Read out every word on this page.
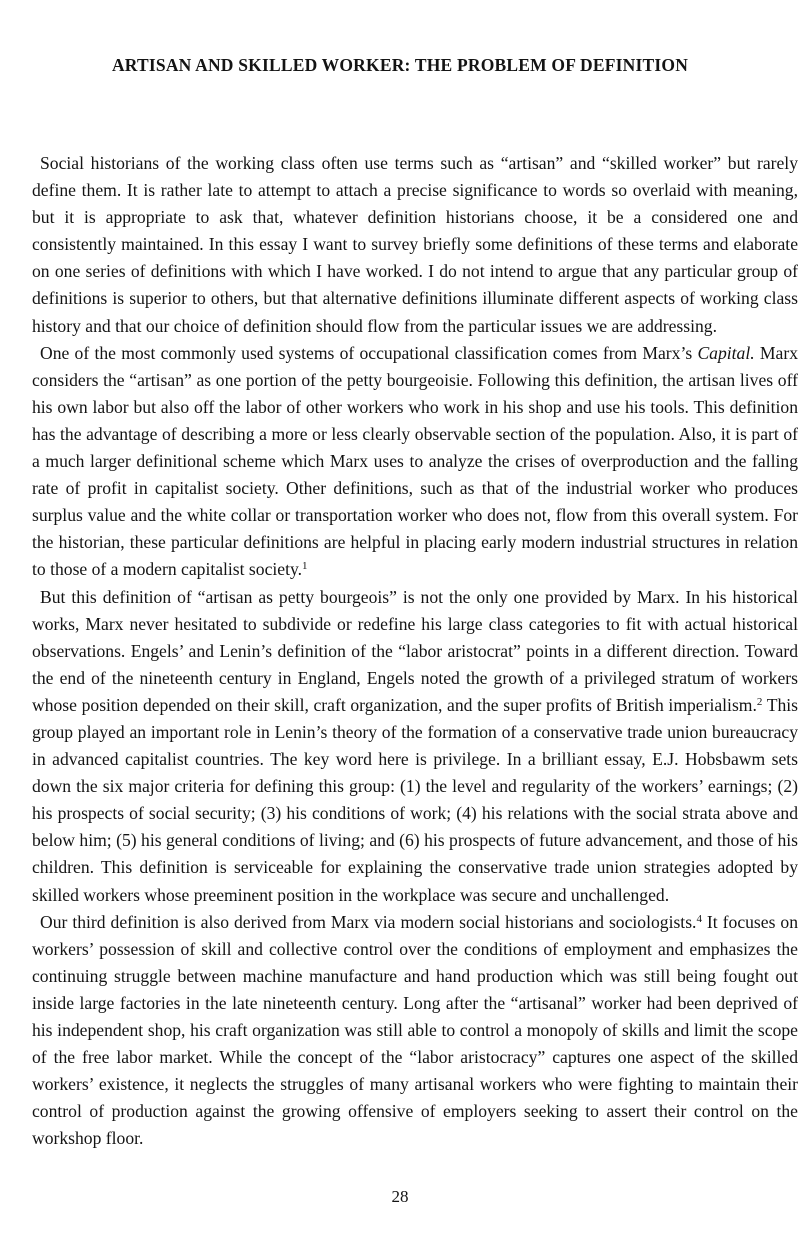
ARTISAN AND SKILLED WORKER: THE PROBLEM OF DEFINITION

Social historians of the working class often use terms such as “artisan” and “skilled worker” but rarely define them. It is rather late to attempt to attach a precise significance to words so overlaid with meaning, but it is appropriate to ask that, whatever definition historians choose, it be a considered one and consistently maintained. In this essay I want to survey briefly some definitions of these terms and elaborate on one series of definitions with which I have worked. I do not intend to argue that any particular group of definitions is superior to others, but that alternative definitions illuminate different aspects of working class history and that our choice of definition should flow from the particular issues we are addressing.

One of the most commonly used systems of occupational classification comes from Marx’s Capital. Marx considers the “artisan” as one portion of the petty bourgeoisie. Following this definition, the artisan lives off his own labor but also off the labor of other workers who work in his shop and use his tools. This definition has the advantage of describing a more or less clearly observable section of the population. Also, it is part of a much larger definitional scheme which Marx uses to analyze the crises of overproduction and the falling rate of profit in capitalist society. Other definitions, such as that of the industrial worker who produces surplus value and the white collar or transportation worker who does not, flow from this overall system. For the historian, these particular definitions are helpful in placing early modern industrial structures in relation to those of a modern capitalist society.$^1$

But this definition of “artisan as petty bourgeois” is not the only one provided by Marx. In his historical works, Marx never hesitated to subdivide or redefine his large class categories to fit with actual historical observations. Engels’ and Lenin’s definition of the “labor aristocrat” points in a different direction. Toward the end of the nineteenth century in England, Engels noted the growth of a privileged stratum of workers whose position depended on their skill, craft organization, and the super profits of British imperialism.$^2$ This group played an important role in Lenin’s theory of the formation of a conservative trade union bureaucracy in advanced capitalist countries. The key word here is privilege. In a brilliant essay, E.J. Hobsbawm sets down the six major criteria for defining this group: (1) the level and regularity of the workers’ earnings; (2) his prospects of social security; (3) his conditions of work; (4) his relations with the social strata above and below him; (5) his general conditions of living; and (6) his prospects of future advancement, and those of his children. This definition is serviceable for explaining the conservative trade union strategies adopted by skilled workers whose preeminent position in the workplace was secure and unchallenged.

Our third definition is also derived from Marx via modern social historians and sociologists.$^4$ It focuses on workers’ possession of skill and collective control over the conditions of employment and emphasizes the continuing struggle between machine manufacture and hand production which was still being fought out inside large factories in the late nineteenth century. Long after the “artisanal” worker had been deprived of his independent shop, his craft organization was still able to control a monopoly of skills and limit the scope of the free labor market. While the concept of the “labor aristocracy” captures one aspect of the skilled workers’ existence, it neglects the struggles of many artisanal workers who were fighting to maintain their control of production against the growing offensive of employers seeking to assert their control on the workshop floor.

28
